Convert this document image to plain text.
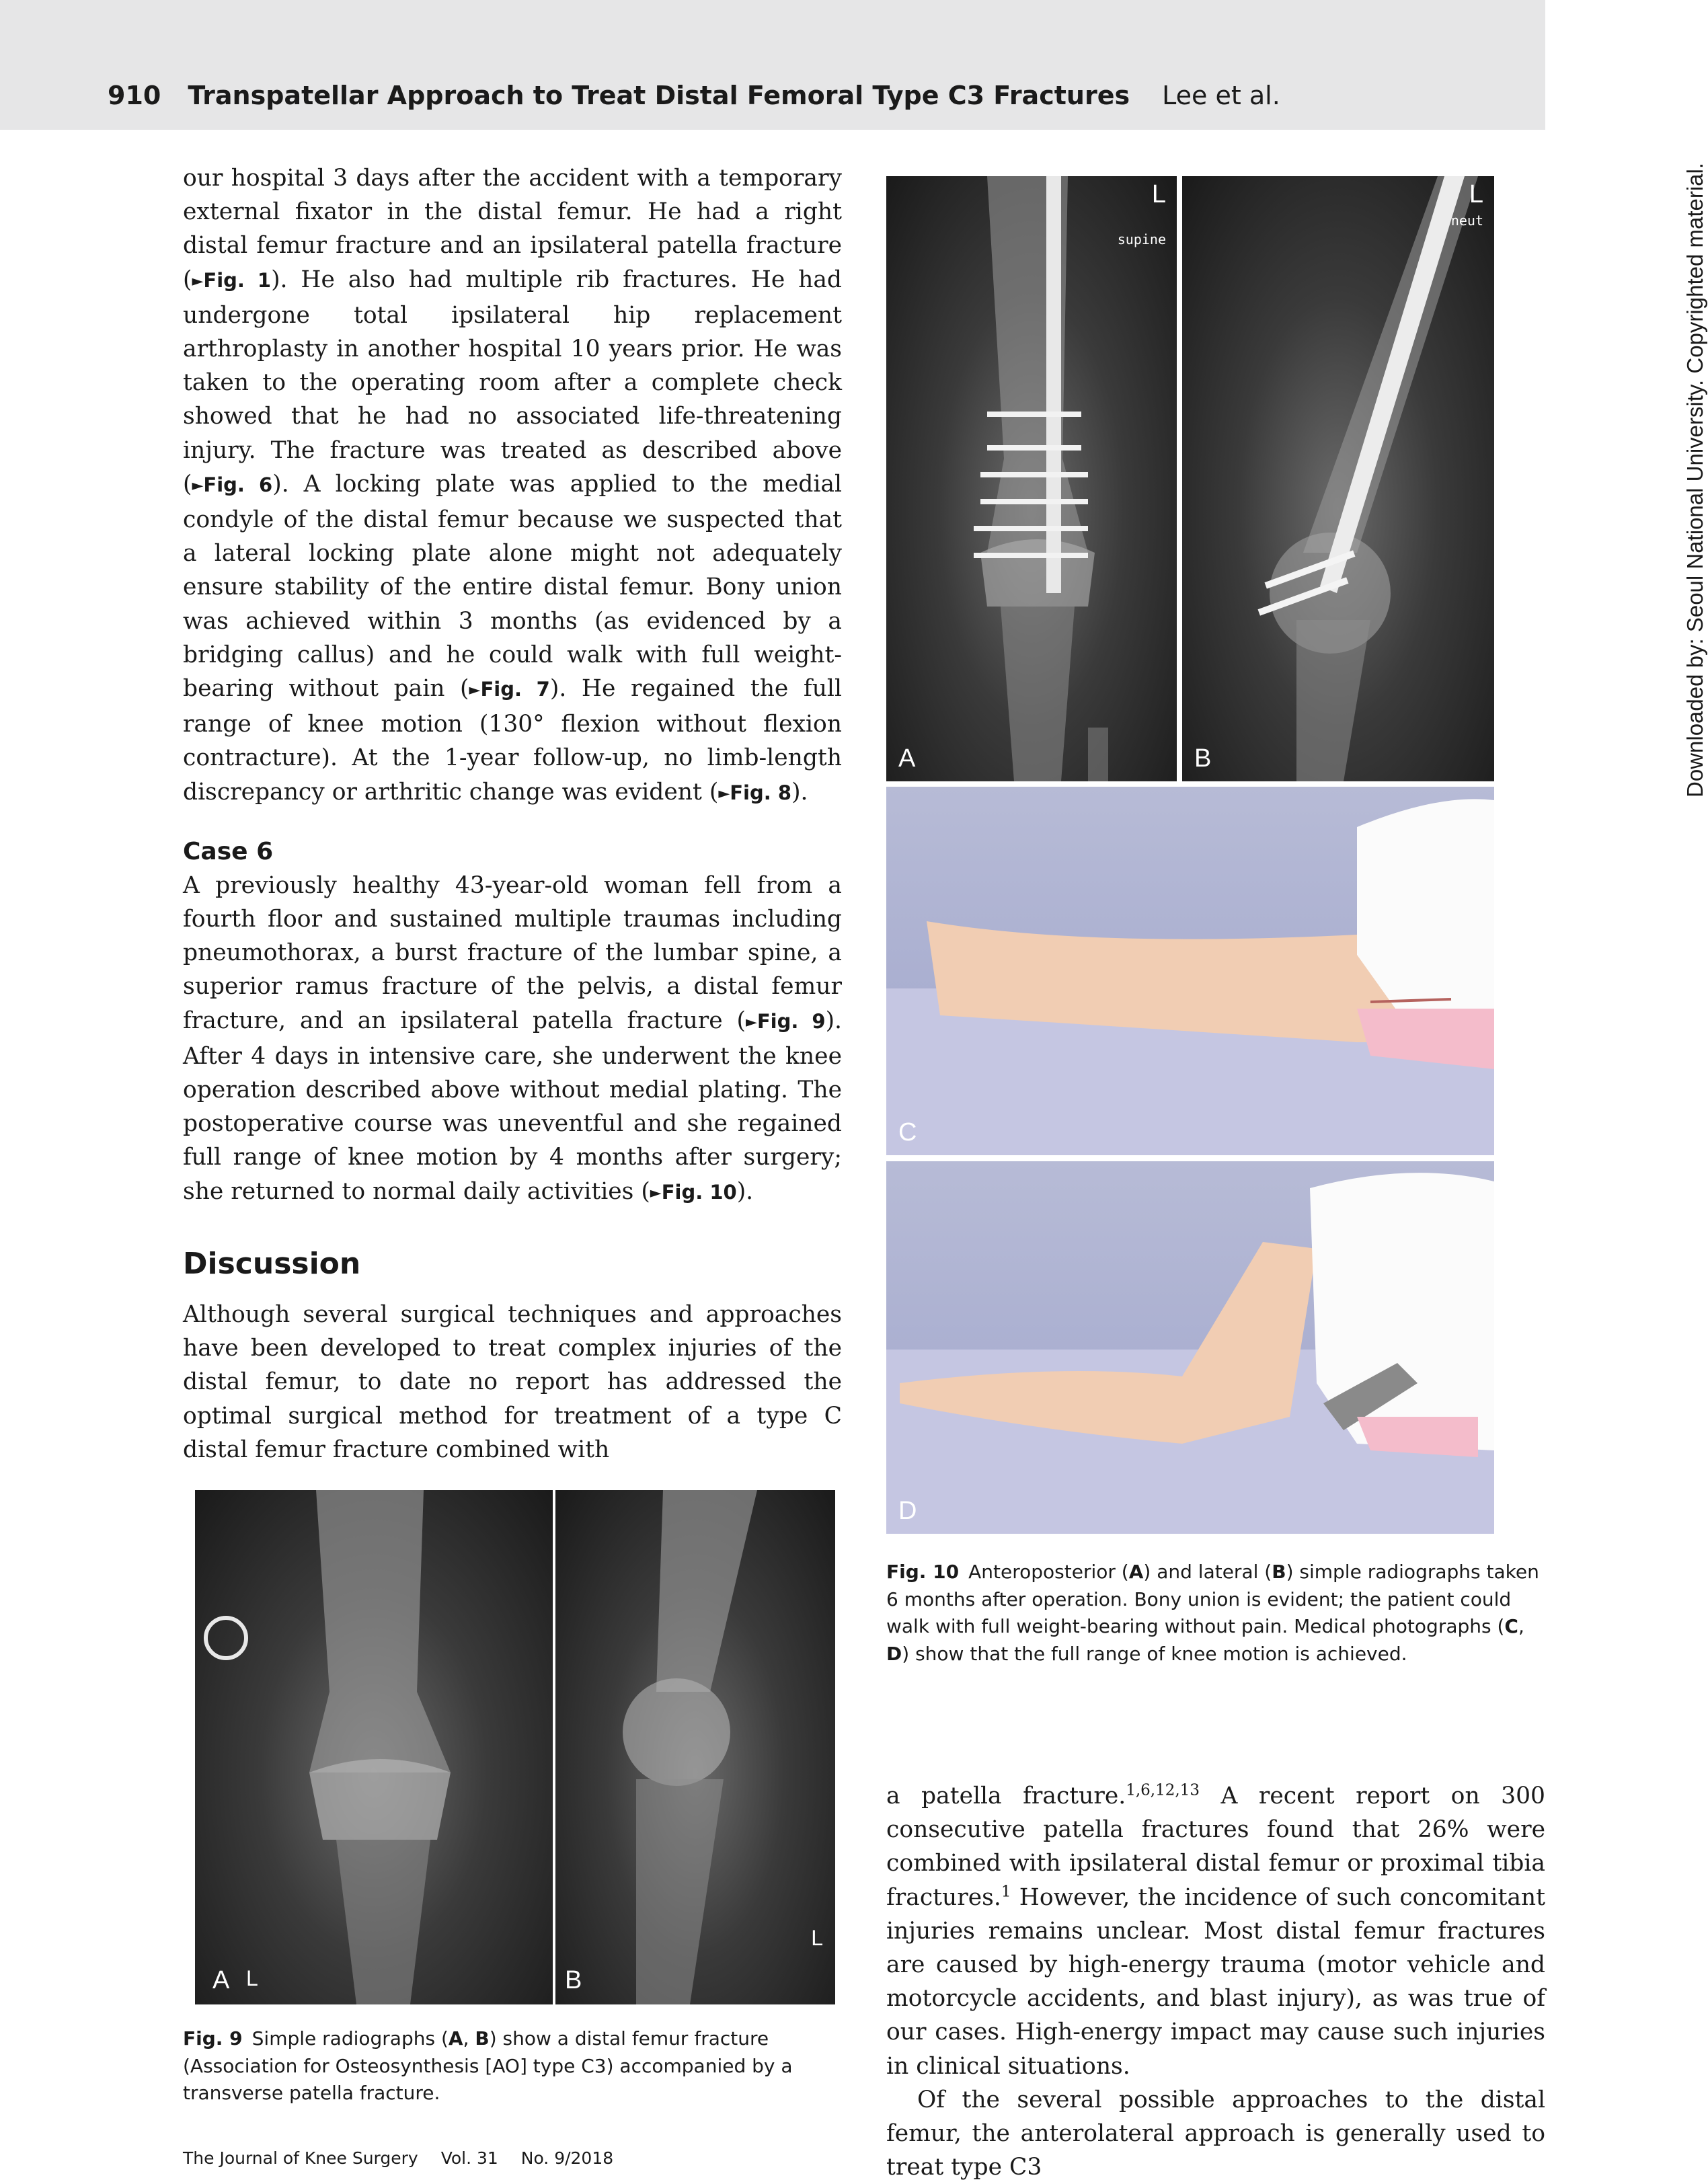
910 Transpatellar Approach to Treat Distal Femoral Type C3 Fractures Lee et al.

our hospital 3 days after the accident with a temporary external fixator in the distal femur. He had a right distal femur fracture and an ipsilateral patella fracture (►Fig. 1). He also had multiple rib fractures. He had undergone total ipsilateral hip replacement arthroplasty in another hospital 10 years prior. He was taken to the operating room after a complete check showed that he had no associated life-threatening injury. The fracture was treated as described above (►Fig. 6). A locking plate was applied to the medial condyle of the distal femur because we suspected that a lateral locking plate alone might not adequately ensure stability of the entire distal femur. Bony union was achieved within 3 months (as evidenced by a bridging callus) and he could walk with full weight-bearing without pain (►Fig. 7). He regained the full range of knee motion (130° flexion without flexion contracture). At the 1-year follow-up, no limb-length discrepancy or arthritic change was evident (►Fig. 8).

Case 6

A previously healthy 43-year-old woman fell from a fourth floor and sustained multiple traumas including pneumothorax, a burst fracture of the lumbar spine, a superior ramus fracture of the pelvis, a distal femur fracture, and an ipsilateral patella fracture (►Fig. 9). After 4 days in intensive care, she underwent the knee operation described above without medial plating. The postoperative course was uneventful and she regained full range of knee motion by 4 months after surgery; she returned to normal daily activities (►Fig. 10).

Discussion

Although several surgical techniques and approaches have been developed to treat complex injuries of the distal femur, to date no report has addressed the optimal surgical method for treatment of a type C distal femur fracture combined with

L
supine
A
L
neut
B
C
D
Fig. 10 Anteroposterior (A) and lateral (B) simple radiographs taken 6 months after operation. Bony union is evident; the patient could walk with full weight-bearing without pain. Medical photographs (C, D) show that the full range of knee motion is achieved.
A L	B
L
Fig. 9 Simple radiographs (A, B) show a distal femur fracture (Association for Osteosynthesis [AO] type C3) accompanied by a transverse patella fracture.

a patella fracture.$^{1,6,12,13}$ A recent report on 300 consecutive patella fractures found that 26% were combined with ipsilateral distal femur or proximal tibia fractures.$^1$ However, the incidence of such concomitant injuries remains unclear. Most distal femur fractures are caused by high-energy trauma (motor vehicle and motorcycle accidents, and blast injury), as was true of our cases. High-energy impact may cause such injuries in clinical situations.

Of the several possible approaches to the distal femur, the anterolateral approach is generally used to treat type C3

Downloaded by: Seoul National University. Copyrighted material.
The Journal of Knee Surgery Vol. 31 No. 9/2018
